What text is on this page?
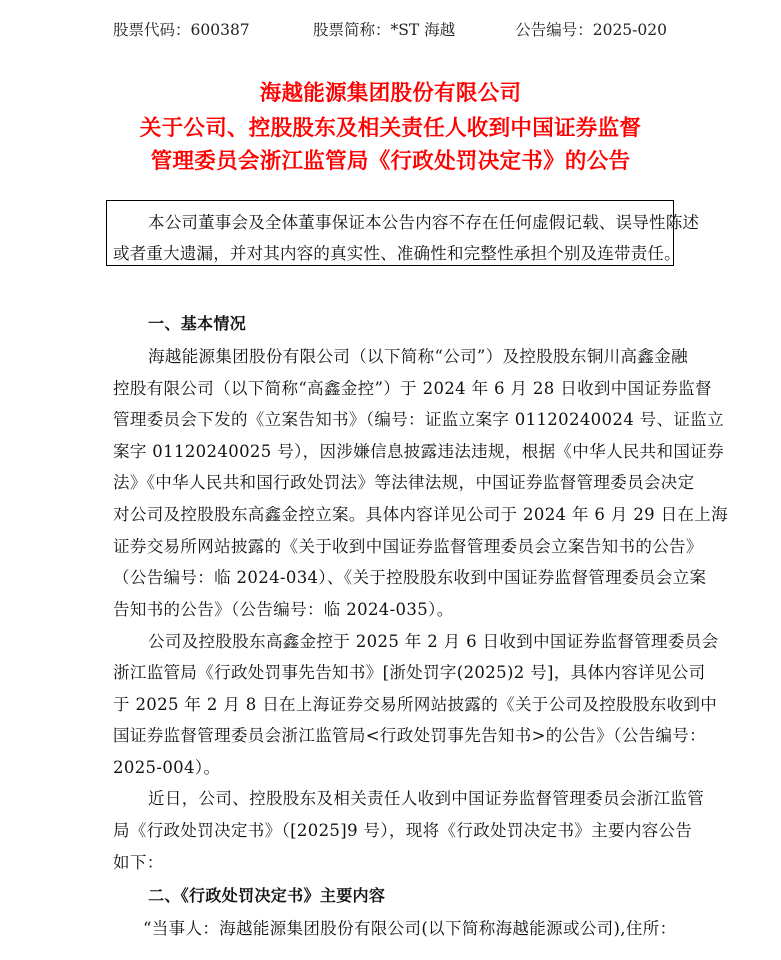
股票代码：600387	股票简称：*ST 海越	公告编号：2025-020
海越能源集团股份有限公司
关于公司、控股股东及相关责任人收到中国证券监督
管理委员会浙江监管局《行政处罚决定书》的公告

本公司董事会及全体董事保证本公告内容不存在任何虚假记载、误导性陈述

或者重大遗漏，并对其内容的真实性、准确性和完整性承担个别及连带责任。

一、基本情况
海越能源集团股份有限公司（以下简称“公司”）及控股股东铜川高鑫金融
控股有限公司（以下简称“高鑫金控”）于 2024 年 6 月 28 日收到中国证券监督
管理委员会下发的《立案告知书》（编号：证监立案字 01120240024 号、证监立
案字 01120240025 号），因涉嫌信息披露违法违规，根据《中华人民共和国证券
法》《中华人民共和国行政处罚法》等法律法规，中国证券监督管理委员会决定
对公司及控股股东高鑫金控立案。具体内容详见公司于 2024 年 6 月 29 日在上海
证券交易所网站披露的《关于收到中国证券监督管理委员会立案告知书的公告》
（公告编号：临 2024-034）、《关于控股股东收到中国证券监督管理委员会立案
告知书的公告》（公告编号：临 2024-035）。
公司及控股股东高鑫金控于 2025 年 2 月 6 日收到中国证券监督管理委员会
浙江监管局《行政处罚事先告知书》[浙处罚字(2025)2 号]，具体内容详见公司
于 2025 年 2 月 8 日在上海证券交易所网站披露的《关于公司及控股股东收到中
国证券监督管理委员会浙江监管局<行政处罚事先告知书>的公告》（公告编号：
2025-004）。
近日，公司、控股股东及相关责任人收到中国证券监督管理委员会浙江监管
局《行政处罚决定书》（[2025]9 号），现将《行政处罚决定书》主要内容公告
如下：
二、《行政处罚决定书》主要内容
“当事人：海越能源集团股份有限公司(以下简称海越能源或公司),住所：
